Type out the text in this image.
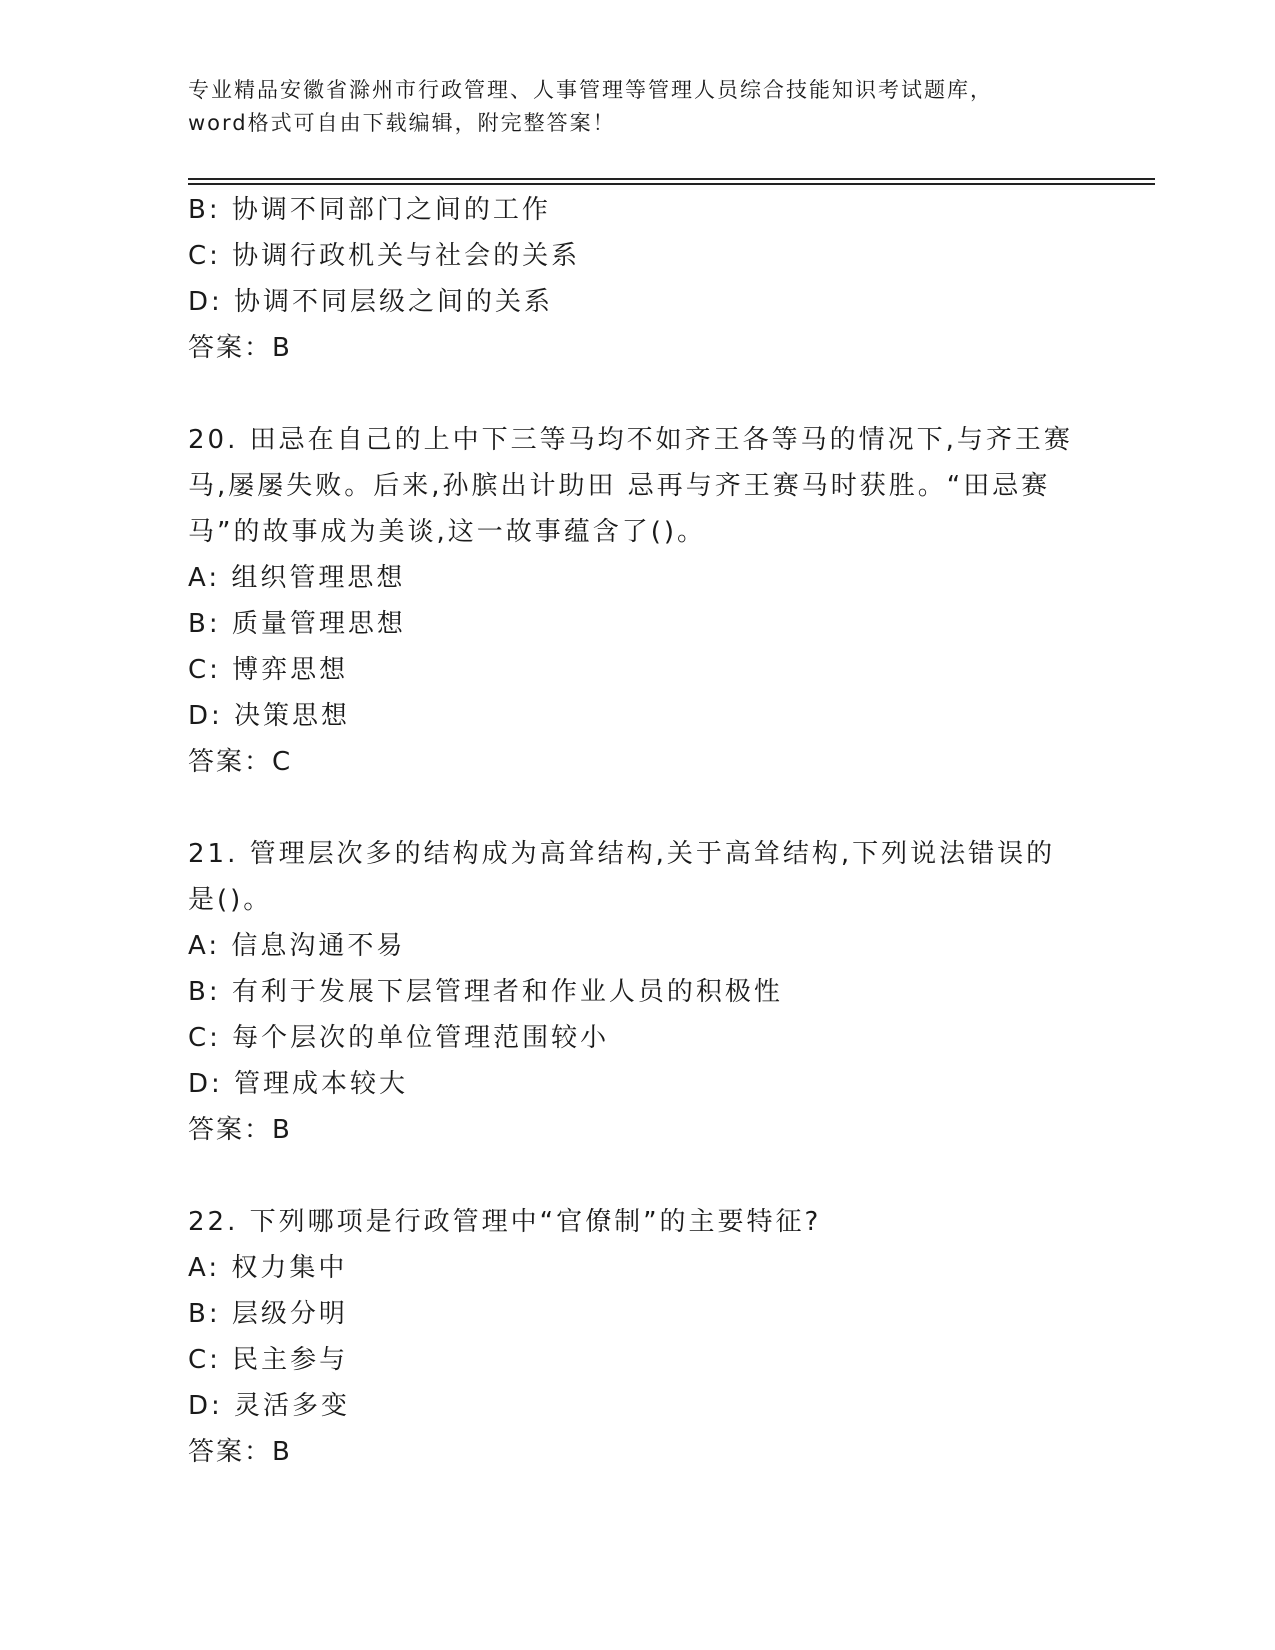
专业精品安徽省滁州市行政管理、人事管理等管理人员综合技能知识考试题库，
word格式可自由下载编辑，附完整答案！
B: 协调不同部门之间的工作
C: 协调行政机关与社会的关系
D: 协调不同层级之间的关系
答案：B
20. 田忌在自己的上中下三等马均不如齐王各等马的情况下,与齐王赛
马,屡屡失败。后来,孙膑出计助田 忌再与齐王赛马时获胜。“田忌赛
马”的故事成为美谈,这一故事蕴含了()。
A: 组织管理思想
B: 质量管理思想
C: 博弈思想
D: 决策思想
答案：C
21. 管理层次多的结构成为高耸结构,关于高耸结构,下列说法错误的
是()。
A: 信息沟通不易
B: 有利于发展下层管理者和作业人员的积极性
C: 每个层次的单位管理范围较小
D: 管理成本较大
答案：B
22. 下列哪项是行政管理中“官僚制”的主要特征?
A: 权力集中
B: 层级分明
C: 民主参与
D: 灵活多变
答案：B
